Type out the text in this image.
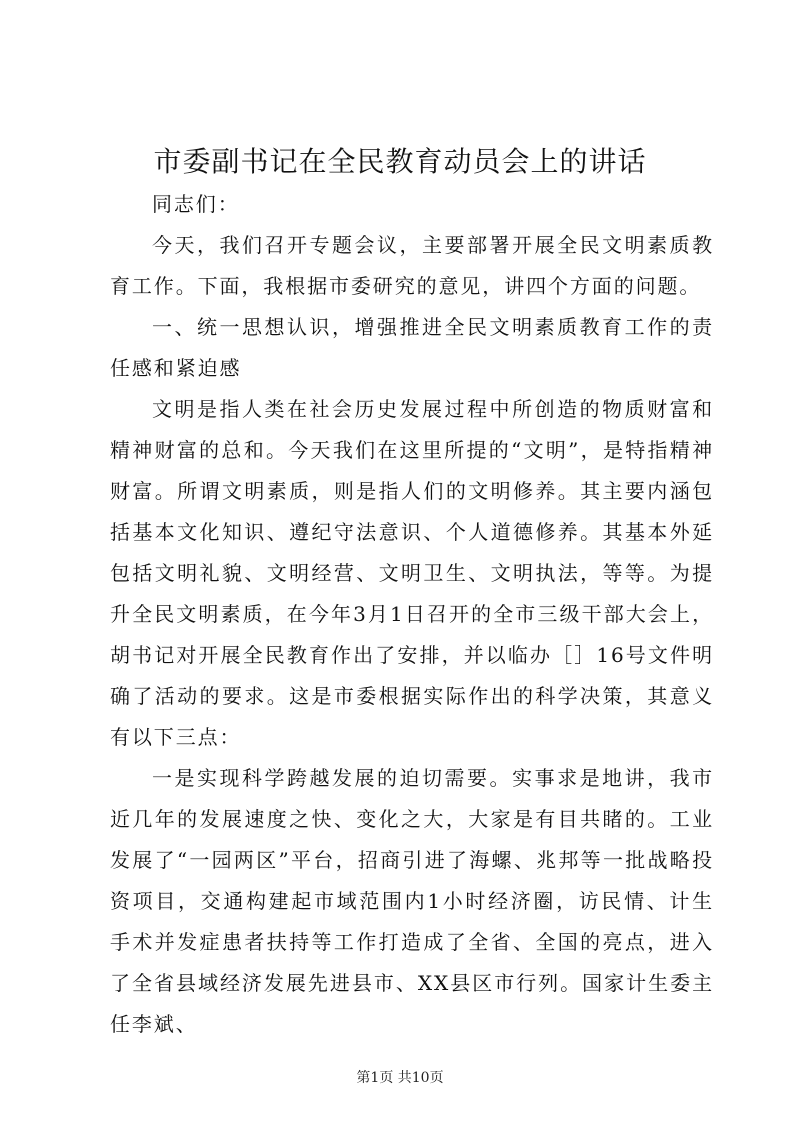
市委副书记在全民教育动员会上的讲话

同志们：

今天，我们召开专题会议，主要部署开展全民文明素质教育工作。下面，我根据市委研究的意见，讲四个方面的问题。

一、统一思想认识，增强推进全民文明素质教育工作的责任感和紧迫感

文明是指人类在社会历史发展过程中所创造的物质财富和精神财富的总和。今天我们在这里所提的“文明”，是特指精神财富。所谓文明素质，则是指人们的文明修养。其主要内涵包括基本文化知识、遵纪守法意识、个人道德修养。其基本外延包括文明礼貌、文明经营、文明卫生、文明执法，等等。为提升全民文明素质，在今年3月1日召开的全市三级干部大会上，胡书记对开展全民教育作出了安排，并以临办［］16号文件明确了活动的要求。这是市委根据实际作出的科学决策，其意义有以下三点：

一是实现科学跨越发展的迫切需要。实事求是地讲，我市近几年的发展速度之快、变化之大，大家是有目共睹的。工业发展了“一园两区”平台，招商引进了海螺、兆邦等一批战略投资项目，交通构建起市域范围内1小时经济圈，访民情、计生手术并发症患者扶持等工作打造成了全省、全国的亮点，进入了全省县域经济发展先进县市、XX县区市行列。国家计生委主任李斌、

第1页 共10页
